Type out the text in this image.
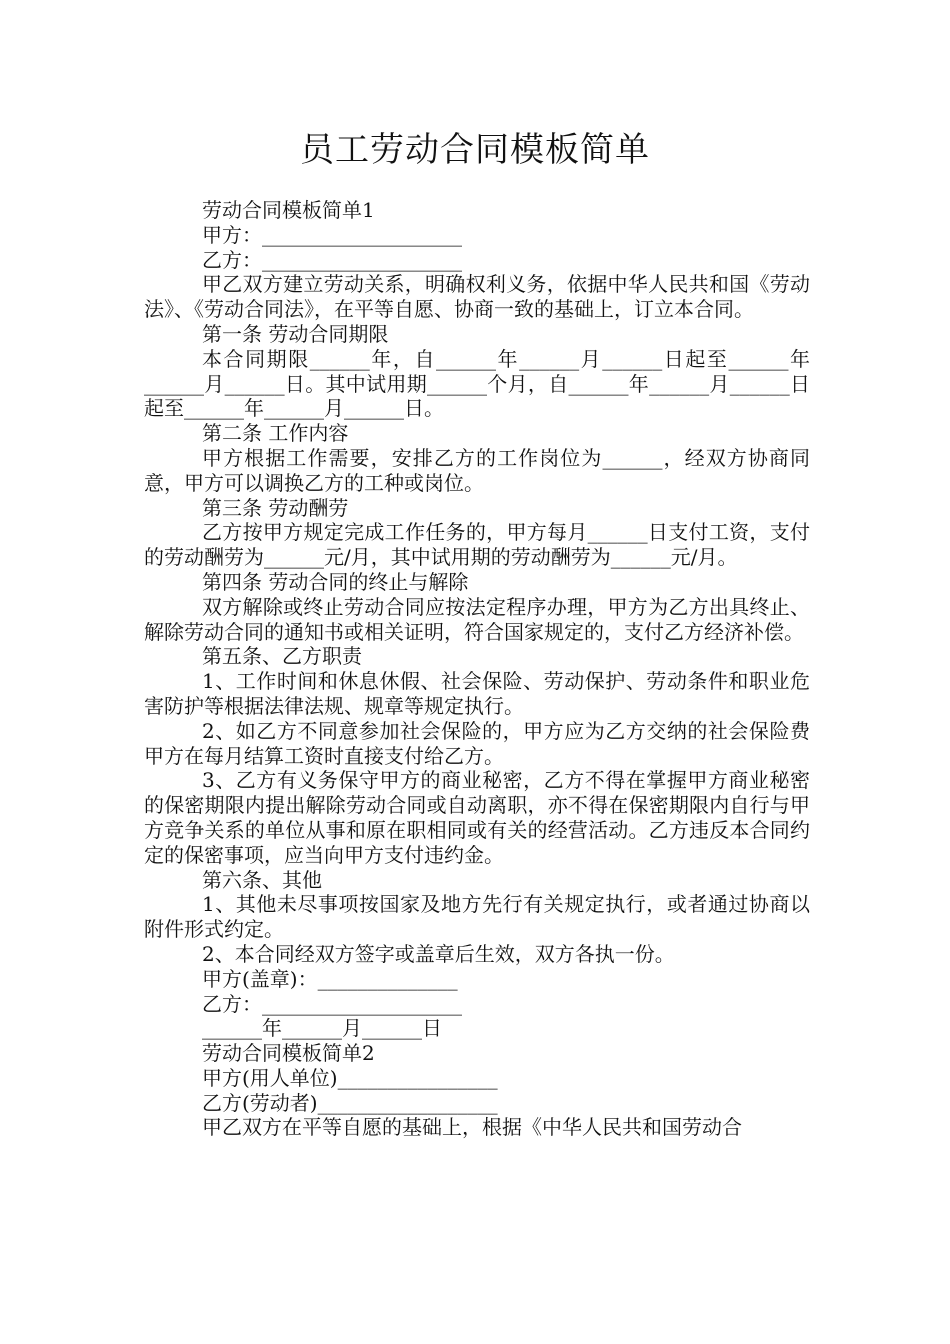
员工劳动合同模板简单

劳动合同模板简单1

甲方：____________________

乙方：____________________

甲乙双方建立劳动关系，明确权利义务，依据中华人民共和国《劳动法》、《劳动合同法》，在平等自愿、协商一致的基础上，订立本合同。

第一条 劳动合同期限

本合同期限______年，自______年______月______日起至______年______月______日。其中试用期______个月，自______年______月______日起至______年______月______日。

第二条 工作内容

甲方根据工作需要，安排乙方的工作岗位为______，经双方协商同意，甲方可以调换乙方的工种或岗位。

第三条 劳动酬劳

乙方按甲方规定完成工作任务的，甲方每月______日支付工资，支付的劳动酬劳为______元/月，其中试用期的劳动酬劳为______元/月。

第四条 劳动合同的终止与解除

双方解除或终止劳动合同应按法定程序办理，甲方为乙方出具终止、解除劳动合同的通知书或相关证明，符合国家规定的，支付乙方经济补偿。

第五条、乙方职责

1、工作时间和休息休假、社会保险、劳动保护、劳动条件和职业危害防护等根据法律法规、规章等规定执行。

2、如乙方不同意参加社会保险的，甲方应为乙方交纳的社会保险费甲方在每月结算工资时直接支付给乙方。

3、乙方有义务保守甲方的商业秘密，乙方不得在掌握甲方商业秘密的保密期限内提出解除劳动合同或自动离职，亦不得在保密期限内自行与甲方竞争关系的单位从事和原在职相同或有关的经营活动。乙方违反本合同约定的保密事项，应当向甲方支付违约金。

第六条、其他

1、其他未尽事项按国家及地方先行有关规定执行，或者通过协商以附件形式约定。

2、本合同经双方签字或盖章后生效，双方各执一份。

甲方(盖章)：______________

乙方：____________________

______年______月______日

劳动合同模板简单2

甲方(用人单位)________________

乙方(劳动者)__________________

甲乙双方在平等自愿的基础上，根据《中华人民共和国劳动合
